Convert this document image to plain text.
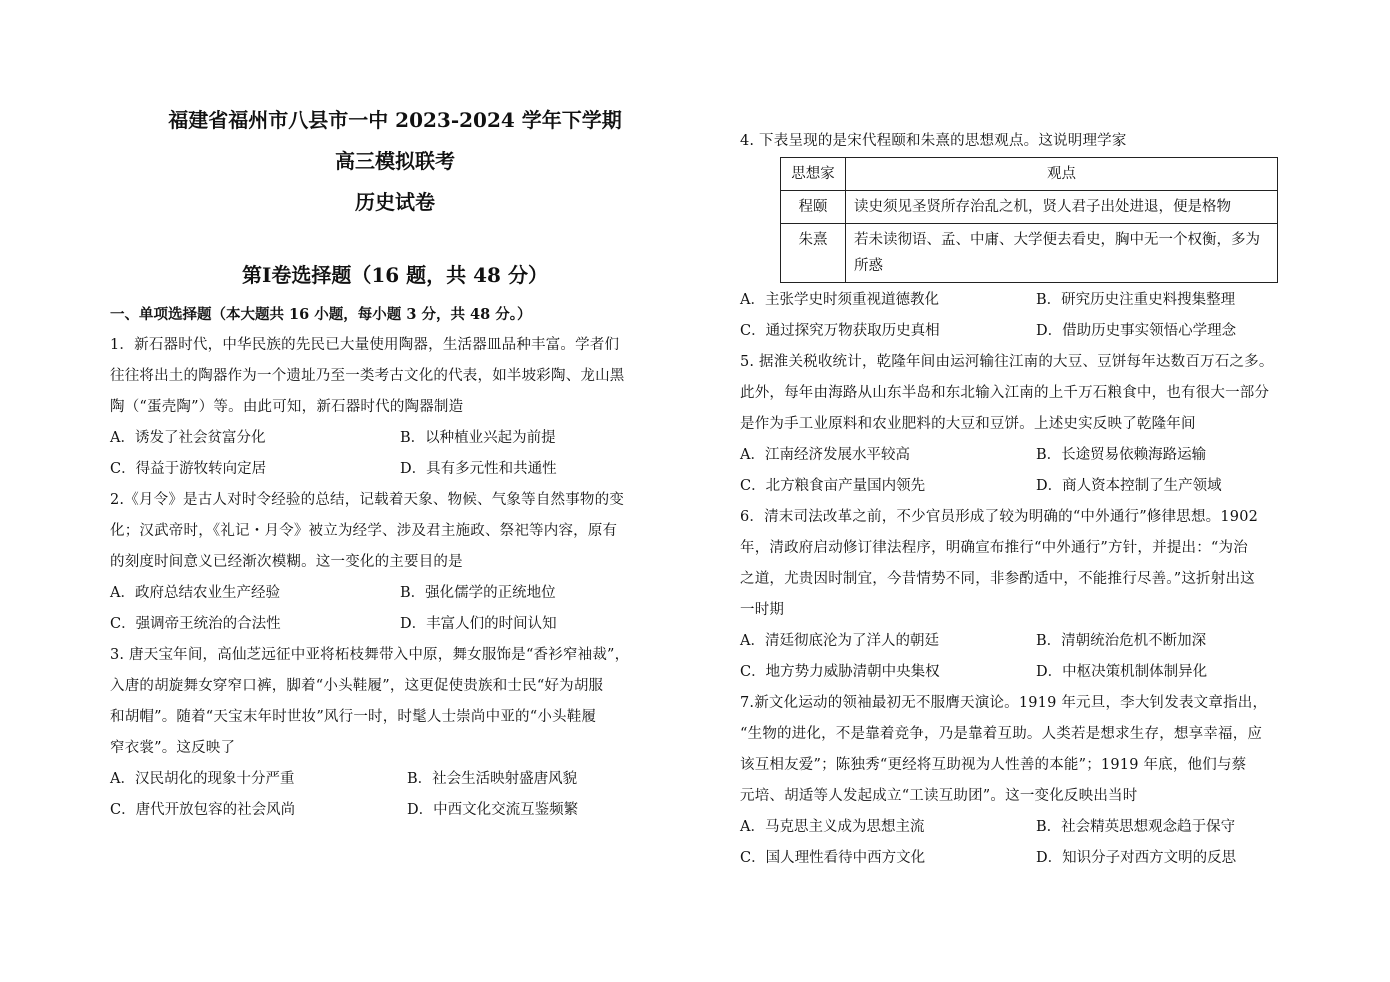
福建省福州市八县市一中 2023-2024 学年下学期
高三模拟联考
历史试卷
第Ⅰ卷选择题（16 题，共 48 分）
一、单项选择题（本大题共 16 小题，每小题 3 分，共 48 分。）
1．新石器时代，中华民族的先民已大量使用陶器，生活器皿品种丰富。学者们
往往将出土的陶器作为一个遗址乃至一类考古文化的代表，如半坡彩陶、龙山黑
陶（“蛋壳陶”）等。由此可知，新石器时代的陶器制造
A．诱发了社会贫富分化	B．以种植业兴起为前提
C．得益于游牧转向定居	D．具有多元性和共通性
2.《月令》是古人对时令经验的总结，记载着天象、物候、气象等自然事物的变
化；汉武帝时，《礼记・月令》被立为经学、涉及君主施政、祭祀等内容，原有
的刻度时间意义已经渐次模糊。这一变化的主要目的是
A．政府总结农业生产经验	B．强化儒学的正统地位
C．强调帝王统治的合法性	D．丰富人们的时间认知
3. 唐天宝年间，高仙芝远征中亚将柘枝舞带入中原，舞女服饰是“香衫窄袖裁”，
入唐的胡旋舞女穿窄口裤，脚着“小头鞋履”，这更促使贵族和士民“好为胡服
和胡帽”。随着“天宝末年时世妆”风行一时，时髦人士崇尚中亚的“小头鞋履
窄衣裳”。这反映了
A．汉民胡化的现象十分严重	B．社会生活映射盛唐风貌
C．唐代开放包容的社会风尚	D．中西文化交流互鉴频繁
4. 下表呈现的是宋代程颐和朱熹的思想观点。这说明理学家
思想家	观点
程颐	读史须见圣贤所存治乱之机，贤人君子出处进退，便是格物
朱熹	若未读彻语、孟、中庸、大学便去看史，胸中无一个权衡，多为所惑
A．主张学史时须重视道德教化	B．研究历史注重史料搜集整理
C．通过探究万物获取历史真相	D．借助历史事实领悟心学理念
5. 据淮关税收统计，乾隆年间由运河输往江南的大豆、豆饼每年达数百万石之多。
此外，每年由海路从山东半岛和东北输入江南的上千万石粮食中，也有很大一部分
是作为手工业原料和农业肥料的大豆和豆饼。上述史实反映了乾隆年间
A．江南经济发展水平较高	B．长途贸易依赖海路运输
C．北方粮食亩产量国内领先	D．商人资本控制了生产领域
6．清末司法改革之前，不少官员形成了较为明确的“中外通行”修律思想。1902
年，清政府启动修订律法程序，明确宣布推行“中外通行”方针，并提出：“为治
之道，尤贵因时制宜，今昔情势不同，非参酌适中，不能推行尽善。”这折射出这
一时期
A．清廷彻底沦为了洋人的朝廷	B．清朝统治危机不断加深
C．地方势力威胁清朝中央集权	D．中枢决策机制体制异化
7.新文化运动的领袖最初无不服膺天演论。1919 年元旦，李大钊发表文章指出，
“生物的进化，不是靠着竞争，乃是靠着互助。人类若是想求生存，想享幸福，应
该互相友爱”；陈独秀“更经将互助视为人性善的本能”；1919 年底，他们与蔡
元培、胡适等人发起成立“工读互助团”。这一变化反映出当时
A．马克思主义成为思想主流	B．社会精英思想观念趋于保守
C．国人理性看待中西方文化	D．知识分子对西方文明的反思
